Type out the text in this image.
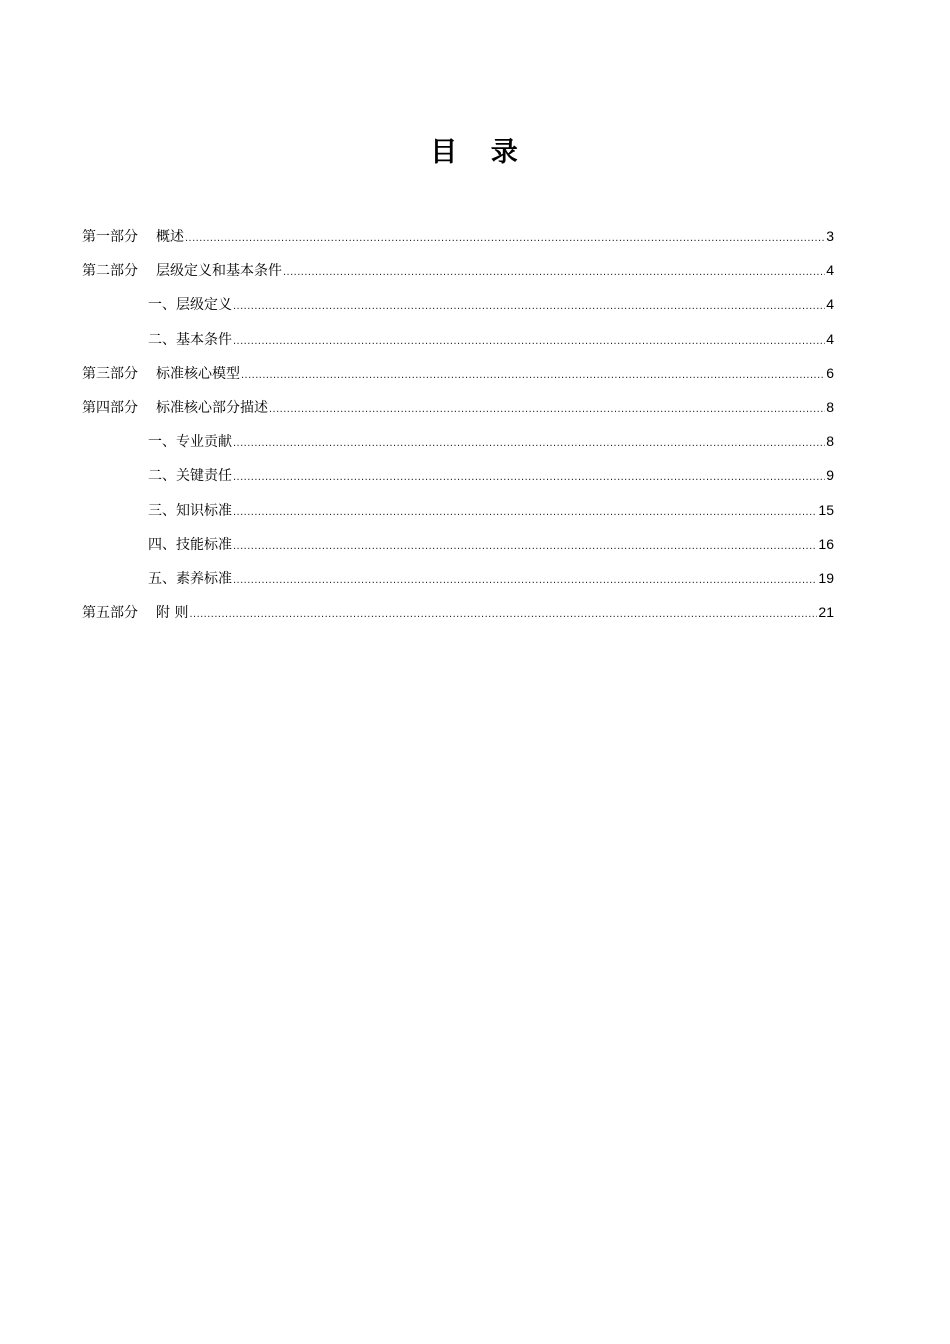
目 录
第一部分 概述 .....	3
第二部分 层级定义和基本条件 .....	4
一、层级定义 .....	4
二、基本条件 .....	4
第三部分 标准核心模型 .....	6
第四部分 标准核心部分描述 .....	8
一、专业贡献 .....	8
二、关键责任 .....	9
三、知识标准 .....	15
四、技能标准 .....	16
五、素养标准 .....	19
第五部分 附 则 .....	21
